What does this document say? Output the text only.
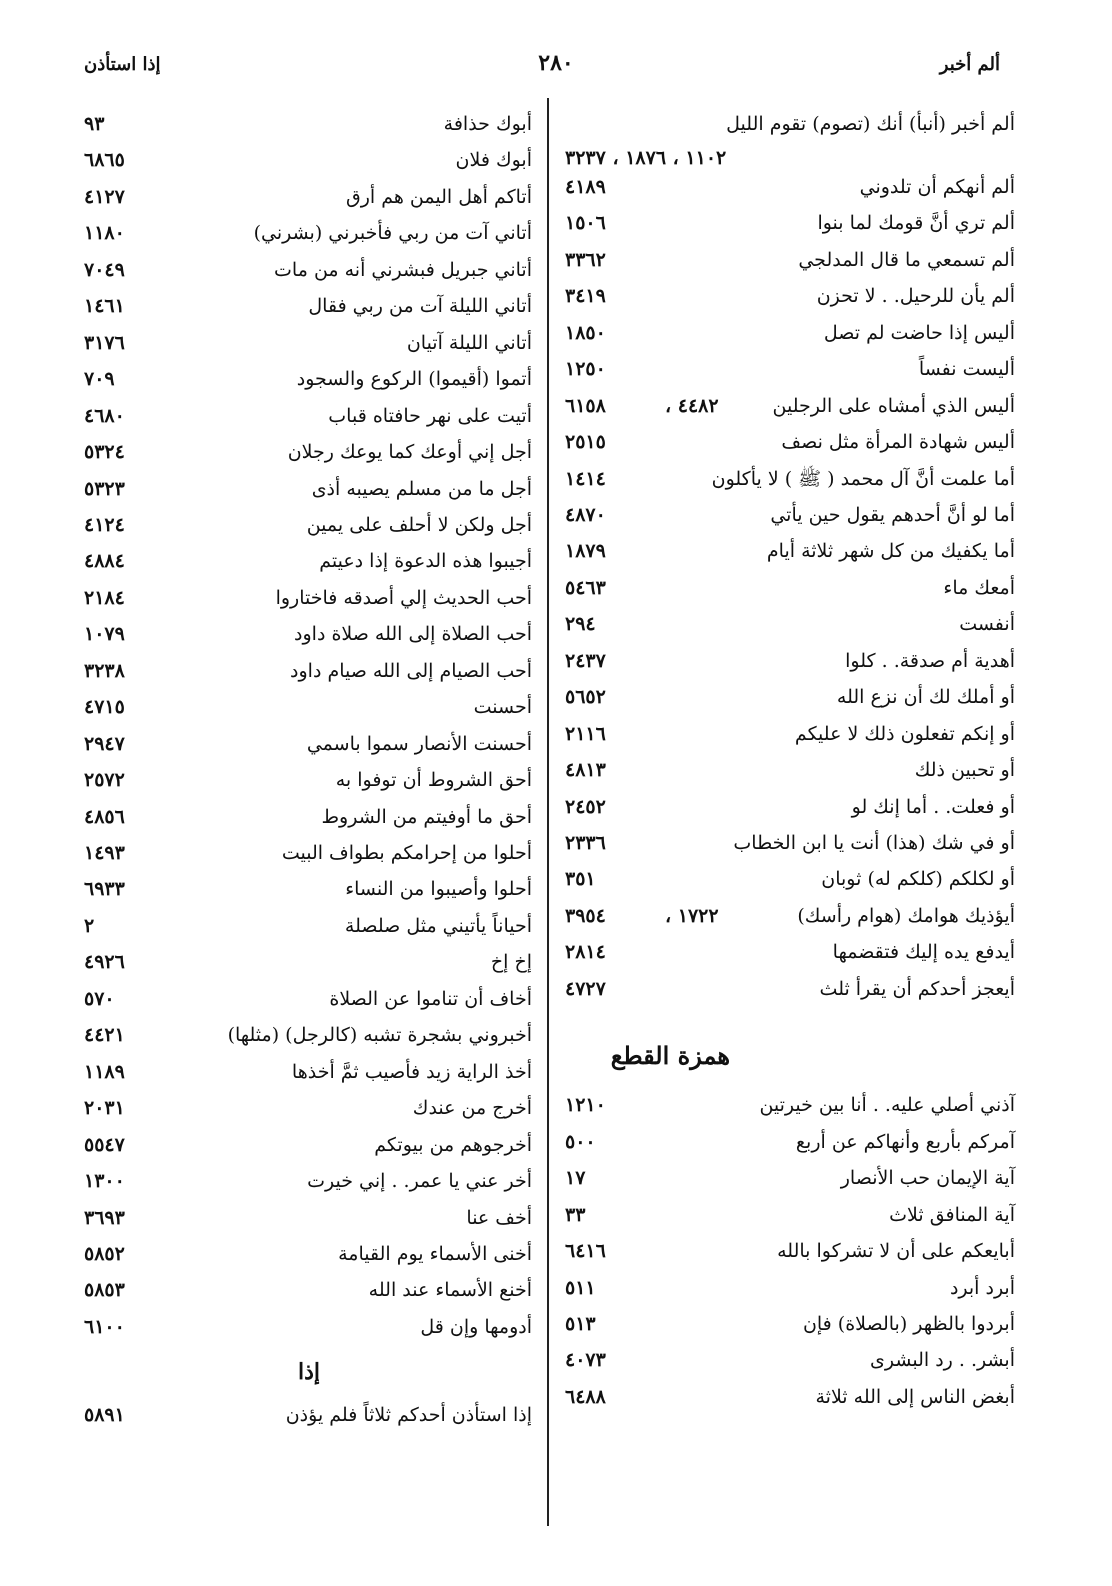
ألم أخبر
٢٨٠
إذا استأذن
ألم أخبر (أنبأ) أنك (تصوم) تقوم الليل
١١٠٢ ، ١٨٧٦ ، ٣٢٣٧
ألم أنهكم أن تلدوني
٤١٨٩
ألم تري أنَّ قومك لما بنوا
١٥٠٦
ألم تسمعي ما قال المدلجي
٣٣٦٢
ألم يأن للرحيل. . لا تحزن
٣٤١٩
أليس إذا حاضت لم تصل
١٨٥٠
أليست نفساً
١٢٥٠
أليس الذي أمشاه على الرجلين
٦١٥٨	٤٤٨٢ ،
أليس شهادة المرأة مثل نصف
٢٥١٥
أما علمت أنَّ آل محمد ( ﷺ ) لا يأكلون
١٤١٤
أما لو أنَّ أحدهم يقول حين يأتي
٤٨٧٠
أما يكفيك من كل شهر ثلاثة أيام
١٨٧٩
أمعك ماء
٥٤٦٣
أنفست
٢٩٤
أهدية أم صدقة. . كلوا
٢٤٣٧
أو أملك لك أن نزع الله
٥٦٥٢
أو إنكم تفعلون ذلك لا عليكم
٢١١٦
أو تحبين ذلك
٤٨١٣
أو فعلت. . أما إنك لو
٢٤٥٢
أو في شك (هذا) أنت يا ابن الخطاب
٢٣٣٦
أو لكلكم (كلكم له) ثوبان
٣٥١
أيؤذيك هوامك (هوام رأسك)
٣٩٥٤	١٧٢٢ ،
أيدفع يده إليك فتقضمها
٢٨١٤
أيعجز أحدكم أن يقرأ ثلث
٤٧٢٧
همزة القطع
آذني أصلي عليه. . أنا بين خيرتين
١٢١٠
آمركم بأربع وأنهاكم عن أربع
٥٠٠
آية الإيمان حب الأنصار
١٧
آية المنافق ثلاث
٣٣
أبايعكم على أن لا تشركوا بالله
٦٤١٦
أبرد أبرد
٥١١
أبردوا بالظهر (بالصلاة) فإن
٥١٣
أبشر. . رد البشرى
٤٠٧٣
أبغض الناس إلى الله ثلاثة
٦٤٨٨
أبوك حذافة
٩٣
أبوك فلان
٦٨٦٥
أتاكم أهل اليمن هم أرق
٤١٢٧
أتاني آت من ربي فأخبرني (بشرني)
١١٨٠
أتاني جبريل فبشرني أنه من مات
٧٠٤٩
أتاني الليلة آت من ربي فقال
١٤٦١
أتاني الليلة آتيان
٣١٧٦
أتموا (أقيموا) الركوع والسجود
٧٠٩
أتيت على نهر حافتاه قباب
٤٦٨٠
أجل إني أوعك كما يوعك رجلان
٥٣٢٤
أجل ما من مسلم يصيبه أذى
٥٣٢٣
أجل ولكن لا أحلف على يمين
٤١٢٤
أجيبوا هذه الدعوة إذا دعيتم
٤٨٨٤
أحب الحديث إلي أصدقه فاختاروا
٢١٨٤
أحب الصلاة إلى الله صلاة داود
١٠٧٩
أحب الصيام إلى الله صيام داود
٣٢٣٨
أحسنت
٤٧١٥
أحسنت الأنصار سموا باسمي
٢٩٤٧
أحق الشروط أن توفوا به
٢٥٧٢
أحق ما أوفيتم من الشروط
٤٨٥٦
أحلوا من إحرامكم بطواف البيت
١٤٩٣
أحلوا وأصيبوا من النساء
٦٩٣٣
أحياناً يأتيني مثل صلصلة
٢
إخ إخ
٤٩٢٦
أخاف أن تناموا عن الصلاة
٥٧٠
أخبروني بشجرة تشبه (كالرجل) (مثلها)
٤٤٢١
أخذ الراية زيد فأصيب ثمَّ أخذها
١١٨٩
أخرج من عندك
٢٠٣١
أخرجوهم من بيوتكم
٥٥٤٧
أخر عني يا عمر. . إني خيرت
١٣٠٠
أخف عنا
٣٦٩٣
أخنى الأسماء يوم القيامة
٥٨٥٢
أخنع الأسماء عند الله
٥٨٥٣
أدومها وإن قل
٦١٠٠
إذا
إذا استأذن أحدكم ثلاثاً فلم يؤذن
٥٨٩١
